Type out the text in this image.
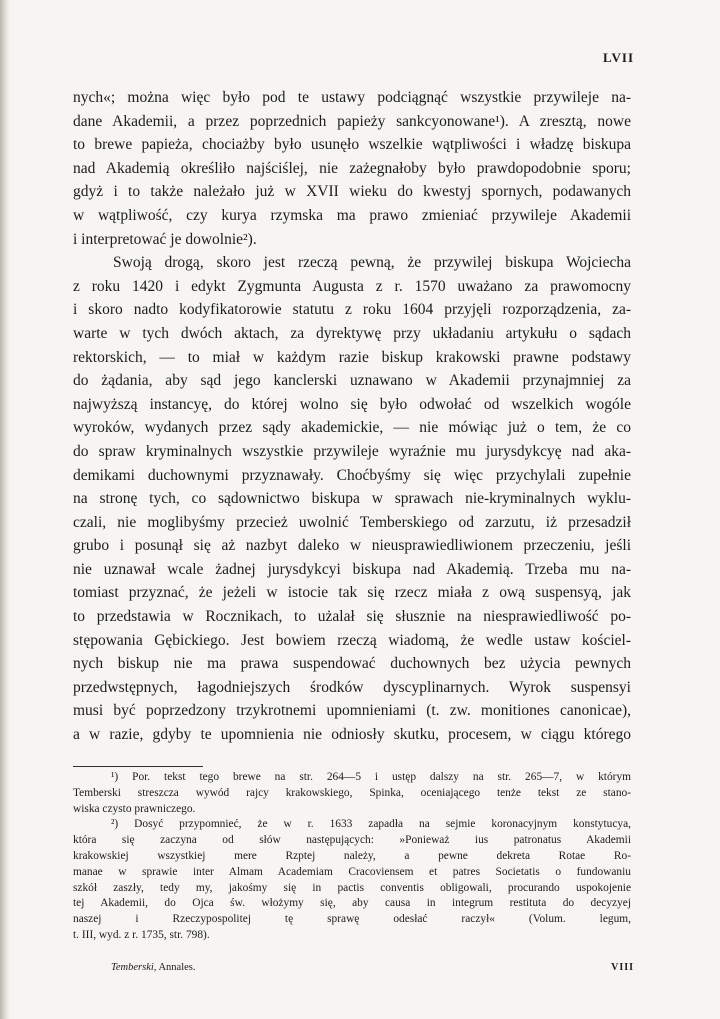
LVII
nych«; można więc było pod te ustawy podciągnąć wszystkie przywileje na-
dane Akademii, a przez poprzednich papieży sankcyonowane¹). A zresztą, nowe
to brewe papieża, chociażby było usunęło wszelkie wątpliwości i władzę biskupa
nad Akademią określiło najściślej, nie zażegnałoby było prawdopodobnie sporu;
gdyż i to także należało już w XVII wieku do kwestyj spornych, podawanych
w wątpliwość, czy kurya rzymska ma prawo zmieniać przywileje Akademii
i interpretować je dowolnie²).
Swoją drogą, skoro jest rzeczą pewną, że przywilej biskupa Wojciecha
z roku 1420 i edykt Zygmunta Augusta z r. 1570 uważano za prawomocny
i skoro nadto kodyfikatorowie statutu z roku 1604 przyjęli rozporządzenia, za-
warte w tych dwóch aktach, za dyrektywę przy układaniu artykułu o sądach
rektorskich, — to miał w każdym razie biskup krakowski prawne podstawy
do żądania, aby sąd jego kanclerski uznawano w Akademii przynajmniej za
najwyższą instancyę, do której wolno się było odwołać od wszelkich wogóle
wyroków, wydanych przez sądy akademickie, — nie mówiąc już o tem, że co
do spraw kryminalnych wszystkie przywileje wyraźnie mu jurysdykcyę nad aka-
demikami duchownymi przyznawały. Choćbyśmy się więc przychylali zupełnie
na stronę tych, co sądownictwo biskupa w sprawach nie-kryminalnych wyklu-
czali, nie moglibyśmy przecież uwolnić Temberskiego od zarzutu, iż przesadził
grubo i posunął się aż nazbyt daleko w nieusprawiedliwionem przeczeniu, jeśli
nie uznawał wcale żadnej jurysdykcyi biskupa nad Akademią. Trzeba mu na-
tomiast przyznać, że jeżeli w istocie tak się rzecz miała z ową suspensyą, jak
to przedstawia w Rocznikach, to użalał się słusznie na niesprawiedliwość po-
stępowania Gębickiego. Jest bowiem rzeczą wiadomą, że wedle ustaw kościel-
nych biskup nie ma prawa suspendować duchownych bez użycia pewnych
przedwstępnych, łagodniejszych środków dyscyplinarnych. Wyrok suspensyi
musi być poprzedzony trzykrotnemi upomnieniami (t. zw. monitiones canonicae),
a w razie, gdyby te upomnienia nie odniosły skutku, procesem, w ciągu którego
¹) Por. tekst tego brewe na str. 264—5 i ustęp dalszy na str. 265—7, w którym
Temberski streszcza wywód rajcy krakowskiego, Spinka, oceniającego tenże tekst ze stano-
wiska czysto prawniczego.
²) Dosyć przypomnieć, że w r. 1633 zapadła na sejmie koronacyjnym konstytucya,
która się zaczyna od słów następujących: »Ponieważ ius patronatus Akademii
krakowskiej wszystkiej mere Rzptej należy, a pewne dekreta Rotae Ro-
manae w sprawie inter Almam Academiam Cracoviensem et patres Societatis o fundowaniu
szkół zaszły, tedy my, jakośmy się in pactis conventis obligowali, procurando uspokojenie
tej Akademii, do Ojca św. włożymy się, aby causa in integrum restituta do decyzyej
naszej i Rzeczypospolitej tę sprawę odesłać raczył« (Volum. legum,
t. III, wyd. z r. 1735, str. 798).
Temberski, Annales.	VIII
